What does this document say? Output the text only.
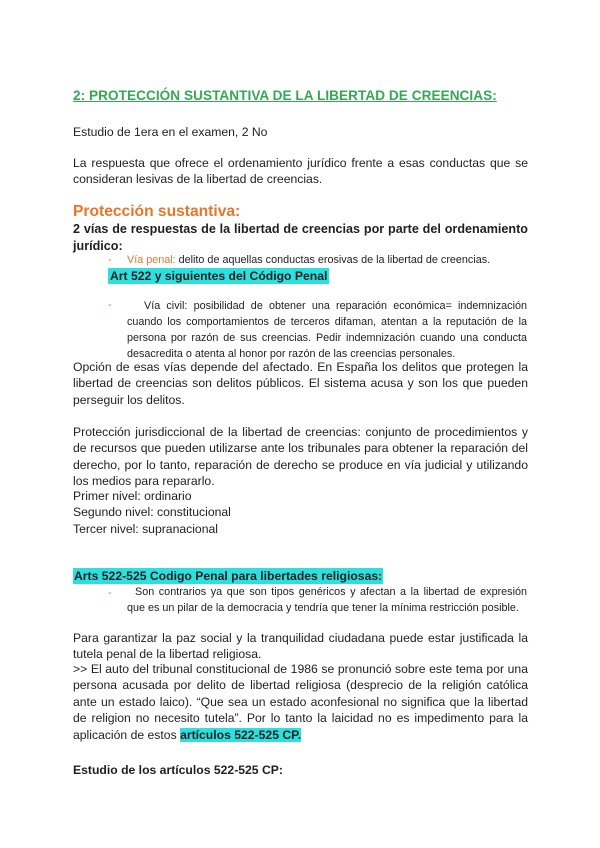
2: PROTECCIÓN SUSTANTIVA DE LA LIBERTAD DE CREENCIAS:
Estudio de 1era en el examen, 2 No
La respuesta que ofrece el ordenamiento jurídico frente a esas conductas que se consideran lesivas de la libertad de creencias.
Protección sustantiva:
2 vías de respuestas de la libertad de creencias por parte del ordenamiento jurídico:
- Vía penal: delito de aquellas conductas erosivas de la libertad de creencias.
Art 522 y siguientes del Código Penal
-	Vía civil: posibilidad de obtener una reparación económica= indemnización cuando los comportamientos de terceros difaman, atentan a la reputación de la persona por razón de sus creencias. Pedir indemnización cuando una conducta desacredita o atenta al honor por razón de las creencias personales.
Opción de esas vías depende del afectado. En España los delitos que protegen la libertad de creencias son delitos públicos. El sistema acusa y son los que pueden perseguir los delitos.
Protección jurisdiccional de la libertad de creencias: conjunto de procedimientos y de recursos que pueden utilizarse ante los tribunales para obtener la reparación del derecho, por lo tanto, reparación de derecho se produce en vía judicial y utilizando los medios para repararlo.
Primer nivel: ordinario
Segundo nivel: constitucional
Tercer nivel: supranacional
Arts 522-525 Codigo Penal para libertades religiosas:
-	Son contrarios ya que son tipos genéricos y afectan a la libertad de expresión que es un pilar de la democracia y tendría que tener la mínima restricción posible.
Para garantizar la paz social y la tranquilidad ciudadana puede estar justificada la tutela penal de la libertad religiosa.
>> El auto del tribunal constitucional de 1986 se pronunció sobre este tema por una persona acusada por delito de libertad religiosa (desprecio de la religión católica ante un estado laico). “Que sea un estado aconfesional no significa que la libertad de religion no necesito tutela”. Por lo tanto la laicidad no es impedimento para la aplicación de estos artículos 522-525 CP.
Estudio de los artículos 522-525 CP:
